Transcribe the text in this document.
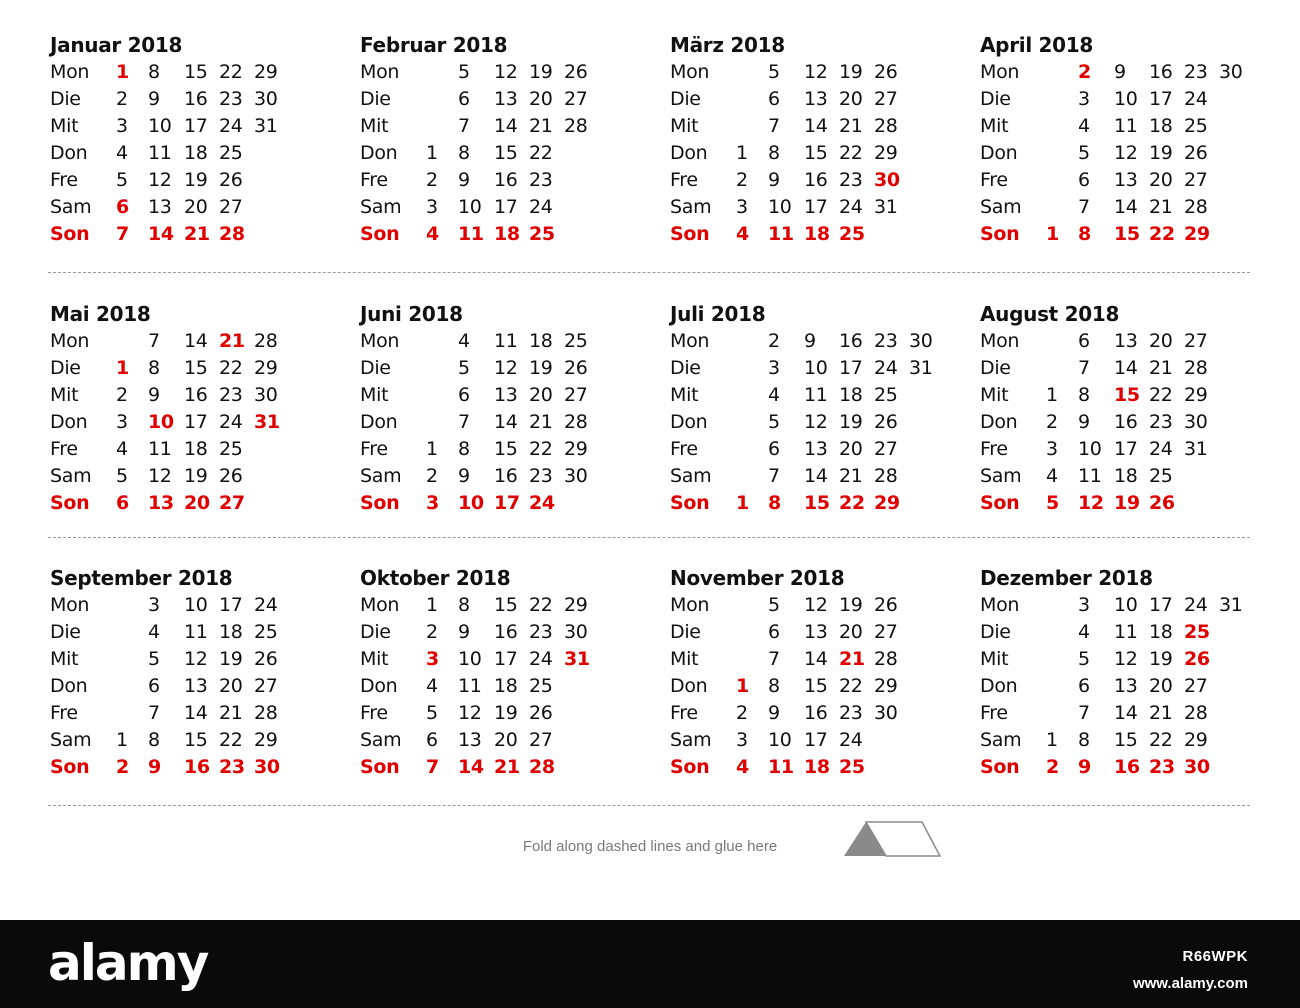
Januar 2018
Mon 1	8	15 22 29
Die 2	9	16 23 30
Mit 3	10 17 24 31
Don 4	11 18 25
Fre 5	12 19 26
Sam 6	13 20 27
Son 7	14 21 28
Februar 2018
Mon	5	12 19 26
Die	6	13 20 27
Mit	7	14 21 28
Don 1	8	15 22
Fre 2	9	16 23
Sam 3	10 17 24
Son 4	11 18 25
März 2018
Mon	5	12 19 26
Die	6	13 20 27
Mit	7	14 21 28
Don 1	8	15 22 29
Fre 2	9	16 23 30
Sam 3	10 17 24 31
Son 4	11 18 25
April 2018
Mon	2	9	16 23 30
Die	3	10 17 24
Mit	4	11 18 25
Don	5	12 19 26
Fre	6	13 20 27
Sam	7	14 21 28
Son 1	8	15 22 29
Mai 2018
Mon	7	14 21 28
Die 1	8	15 22 29
Mit 2	9	16 23 30
Don 3	10 17 24 31
Fre 4	11 18 25
Sam 5	12 19 26
Son 6	13 20 27
Juni 2018
Mon	4	11 18 25
Die	5	12 19 26
Mit	6	13 20 27
Don	7	14 21 28
Fre 1	8	15 22 29
Sam 2	9	16 23 30
Son 3	10 17 24
Juli 2018
Mon	2	9	16 23 30
Die	3	10 17 24 31
Mit	4	11 18 25
Don	5	12 19 26
Fre	6	13 20 27
Sam	7	14 21 28
Son 1	8	15 22 29
August 2018
Mon	6	13 20 27
Die	7	14 21 28
Mit 1	8	15 22 29
Don 2	9	16 23 30
Fre 3	10 17 24 31
Sam 4	11 18 25
Son 5	12 19 26
September 2018
Mon	3	10 17 24
Die	4	11 18 25
Mit	5	12 19 26
Don	6	13 20 27
Fre	7	14 21 28
Sam 1	8	15 22 29
Son 2	9	16 23 30
Oktober 2018
Mon 1	8	15 22 29
Die 2	9	16 23 30
Mit 3	10 17 24 31
Don 4	11 18 25
Fre 5	12 19 26
Sam 6	13 20 27
Son 7	14 21 28
November 2018
Mon	5	12 19 26
Die	6	13 20 27
Mit	7	14 21 28
Don 1	8	15 22 29
Fre 2	9	16 23 30
Sam 3	10 17 24
Son 4	11 18 25
Dezember 2018
Mon	3	10 17 24 31
Die	4	11 18 25
Mit	5	12 19 26
Don	6	13 20 27
Fre	7	14 21 28
Sam 1	8	15 22 29
Son 2	9	16 23 30
Fold along dashed lines and glue here
alamy	R66WPK
www.alamy.com
